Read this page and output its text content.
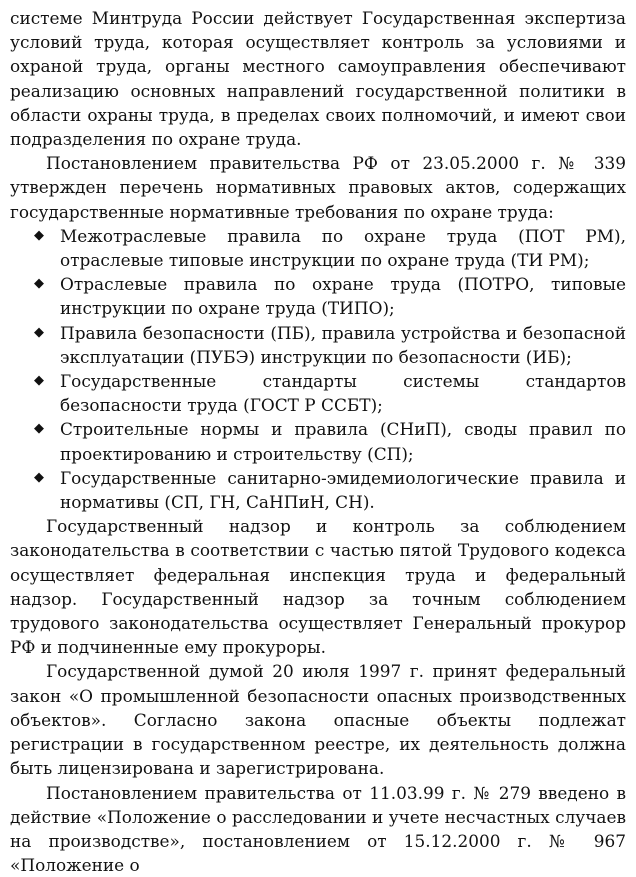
системе Минтруда России действует Государственная экспертиза условий труда, которая осуществляет контроль за условиями и охраной труда, органы местного самоуправления обеспечивают реализацию основных направлений государственной политики в области охраны труда, в пределах своих полномочий, и имеют свои подразделения по охране труда.

Постановлением правительства РФ от 23.05.2000 г. № 339 утвержден перечень нормативных правовых актов, содержащих государственные нормативные требования по охране труда:

◆ Межотраслевые правила по охране труда (ПОТ РМ), отраслевые типовые инструкции по охране труда (ТИ РМ);
◆ Отраслевые правила по охране труда (ПОТРО, типовые инструкции по охране труда (ТИПО);
◆ Правила безопасности (ПБ), правила устройства и безопасной эксплуатации (ПУБЭ) инструкции по безопасности (ИБ);
◆ Государственные стандарты системы стандартов безопасности труда (ГОСТ Р ССБТ);
◆ Строительные нормы и правила (СНиП), своды правил по проектированию и строительству (СП);
◆ Государственные санитарно-эмидемиологические правила и нормативы (СП, ГН, СаНПиН, СН).

Государственный надзор и контроль за соблюдением законодательства в соответствии с частью пятой Трудового кодекса осуществляет федеральная инспекция труда и федеральный надзор. Государственный надзор за точным соблюдением трудового законодательства осуществляет Генеральный прокурор РФ и подчиненные ему прокуроры.

Государственной думой 20 июля 1997 г. принят федеральный закон «О промышленной безопасности опасных производственных объектов». Согласно закона опасные объекты подлежат регистрации в государственном реестре, их деятельность должна быть лицензирована и зарегистрирована.

Постановлением правительства от 11.03.99 г. № 279 введено в действие «Положение о расследовании и учете несчастных случаев на производстве», постановлением от 15.12.2000 г. № 967 «Положение о
